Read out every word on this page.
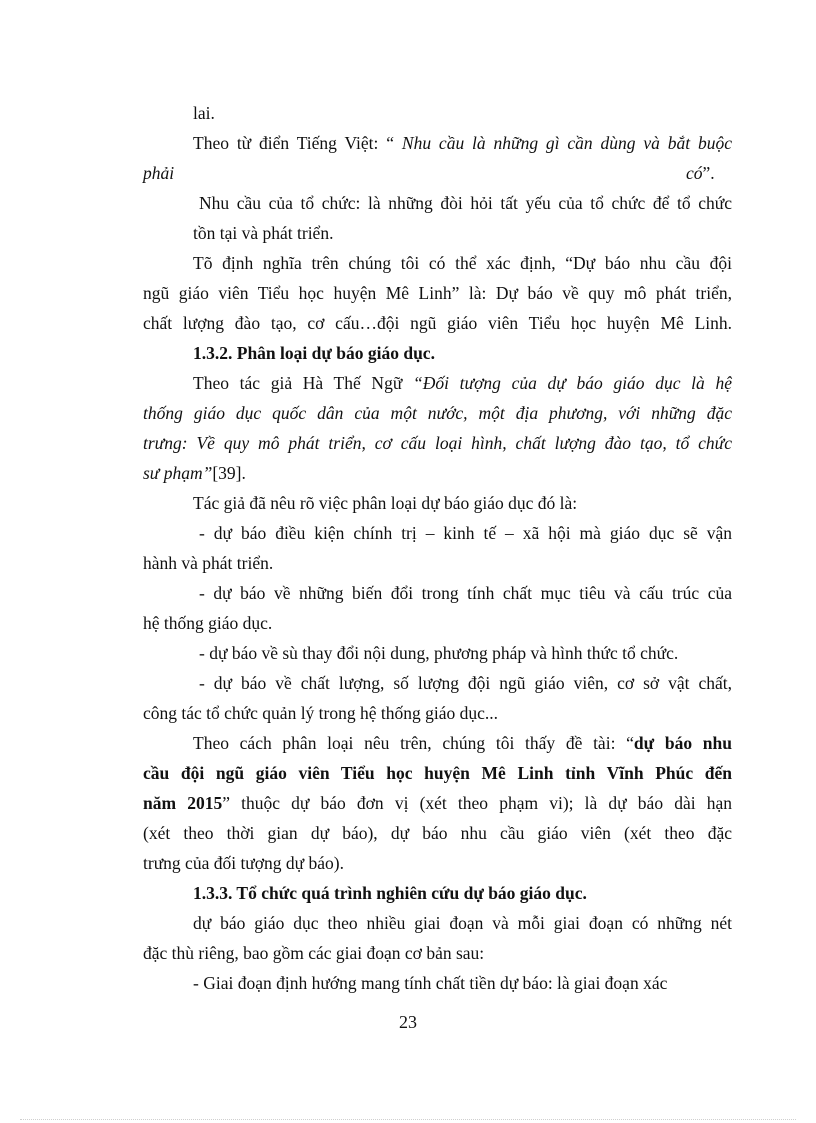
lai.
Theo từ điển Tiếng Việt: “ Nhu cầu là những gì cần dùng và bắt buộc
phải	có”.
Nhu cầu của tổ chức: là những đòi hỏi tất yếu của tổ chức để tổ chức
tồn tại và phát triển.
Tõ định nghĩa trên chúng tôi có thể xác định, “Dự báo nhu cầu đội
ngũ giáo viên Tiểu học huyện Mê Linh” là: Dự báo về quy mô phát triển,
chất lượng đào tạo, cơ cấu…đội ngũ giáo viên Tiểu học huyện Mê Linh.
1.3.2. Phân loại dự báo giáo dục.
Theo tác giả Hà Thế Ngữ “Đối tượng của dự báo giáo dục là hệ
thống giáo dục quốc dân của một nước, một địa phương, với những đặc
trưng: Về quy mô phát triển, cơ cấu loại hình, chất lượng đào tạo, tổ chức
sư phạm”[39].
Tác giả đã nêu rõ việc phân loại dự báo giáo dục đó là:
- dự báo điều kiện chính trị – kinh tế – xã hội mà giáo dục sẽ vận
hành và phát triển.
- dự báo về những biến đổi trong tính chất mục tiêu và cấu trúc của
hệ thống giáo dục.
- dự báo về sù thay đổi nội dung, phương pháp và hình thức tổ chức.
- dự báo về chất lượng, số lượng đội ngũ giáo viên, cơ sở vật chất,
công tác tổ chức quản lý trong hệ thống giáo dục...
Theo cách phân loại nêu trên, chúng tôi thấy đề tài: “dự báo nhu
cầu đội ngũ giáo viên Tiểu học huyện Mê Linh tỉnh Vĩnh Phúc đến
năm 2015” thuộc dự báo đơn vị (xét theo phạm vi); là dự báo dài hạn
(xét theo thời gian dự báo), dự báo nhu cầu giáo viên (xét theo đặc
trưng của đối tượng dự báo).
1.3.3. Tổ chức quá trình nghiên cứu dự báo giáo dục.
dự báo giáo dục theo nhiều giai đoạn và mỗi giai đoạn có những nét
đặc thù riêng, bao gồm các giai đoạn cơ bản sau:
- Giai đoạn định hướng mang tính chất tiền dự báo: là giai đoạn xác
23
